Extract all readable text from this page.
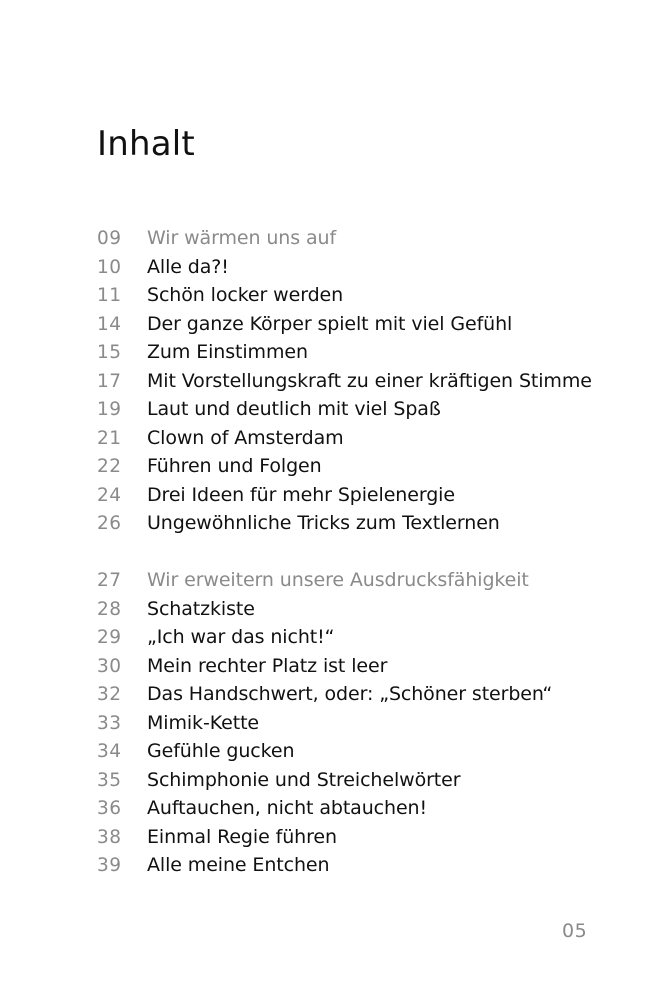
Inhalt
09	Wir wärmen uns auf
10	Alle da?!
11	Schön locker werden
14	Der ganze Körper spielt mit viel Gefühl
15	Zum Einstimmen
17	Mit Vorstellungskraft zu einer kräftigen Stimme
19	Laut und deutlich mit viel Spaß
21	Clown of Amsterdam
22	Führen und Folgen
24	Drei Ideen für mehr Spielenergie
26	Ungewöhnliche Tricks zum Textlernen
27	Wir erweitern unsere Ausdrucksfähigkeit
28	Schatzkiste
29	„Ich war das nicht!“
30	Mein rechter Platz ist leer
32	Das Handschwert, oder: „Schöner sterben“
33	Mimik-Kette
34	Gefühle gucken
35	Schimphonie und Streichelwörter
36	Auftauchen, nicht abtauchen!
38	Einmal Regie führen
39	Alle meine Entchen
05
